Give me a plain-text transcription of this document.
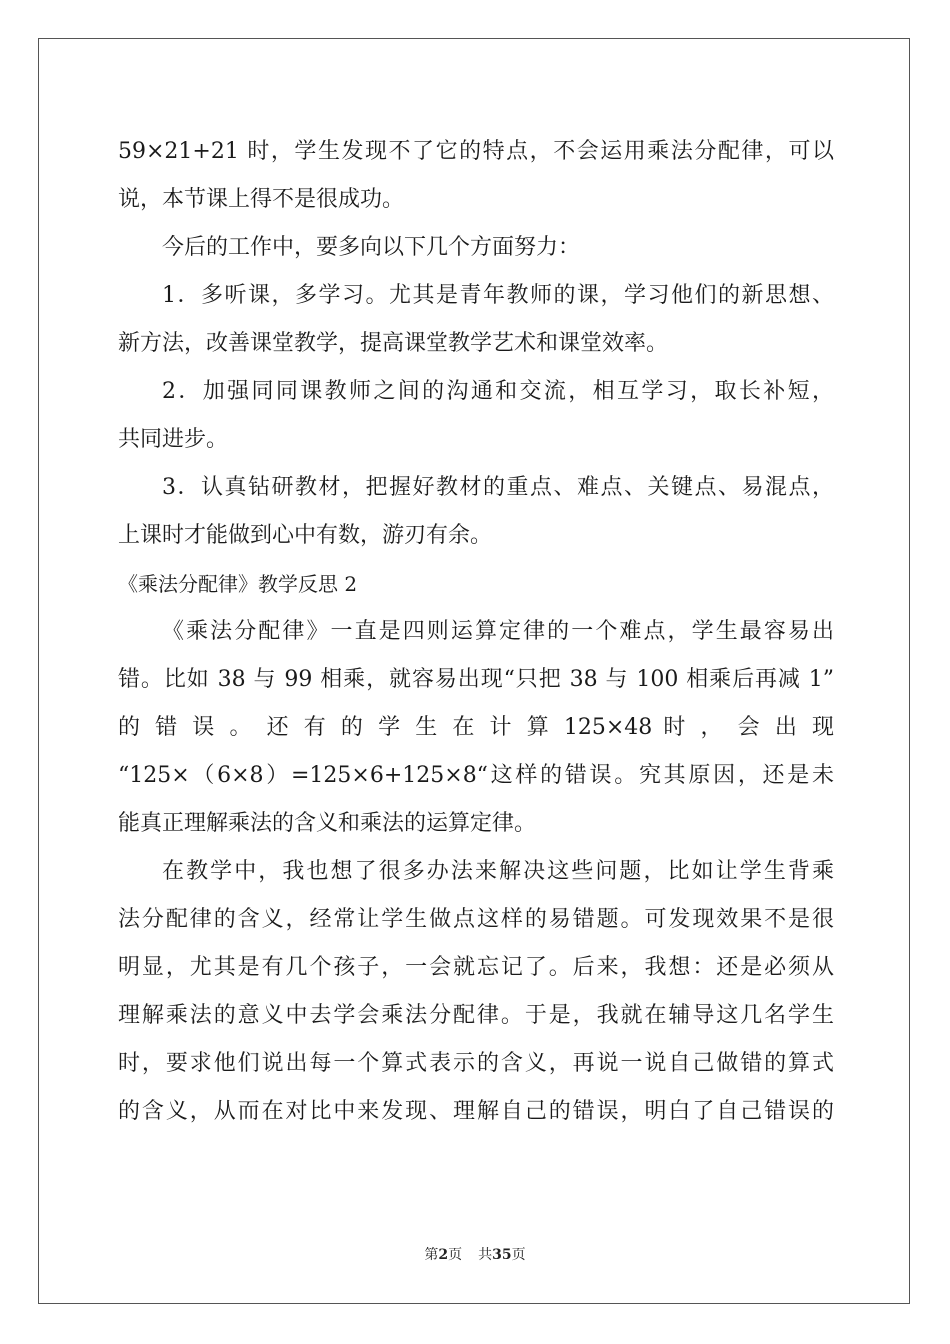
59×21+21 时，学生发现不了它的特点，不会运用乘法分配律，可以
说，本节课上得不是很成功。
今后的工作中，要多向以下几个方面努力：
1．多听课，多学习。尤其是青年教师的课，学习他们的新思想、
新方法，改善课堂教学，提高课堂教学艺术和课堂效率。
2．加强同同课教师之间的沟通和交流，相互学习，取长补短，
共同进步。
3．认真钻研教材，把握好教材的重点、难点、关键点、易混点，
上课时才能做到心中有数，游刃有余。
《乘法分配律》教学反思 2
《乘法分配律》一直是四则运算定律的一个难点，学生最容易出
错。比如 38 与 99 相乘，就容易出现“只把 38 与 100 相乘后再减 1”
的 错 误 。 还 有 的 学 生 在 计 算 125×48 时 ， 会 出 现
“125×（6×8）=125×6+125×8“这样的错误。究其原因，还是未
能真正理解乘法的含义和乘法的运算定律。
在教学中，我也想了很多办法来解决这些问题，比如让学生背乘
法分配律的含义，经常让学生做点这样的易错题。可发现效果不是很
明显，尤其是有几个孩子，一会就忘记了。后来，我想：还是必须从
理解乘法的意义中去学会乘法分配律。于是，我就在辅导这几名学生
时，要求他们说出每一个算式表示的含义，再说一说自己做错的算式
的含义，从而在对比中来发现、理解自己的错误，明白了自己错误的
第2页 共35页
